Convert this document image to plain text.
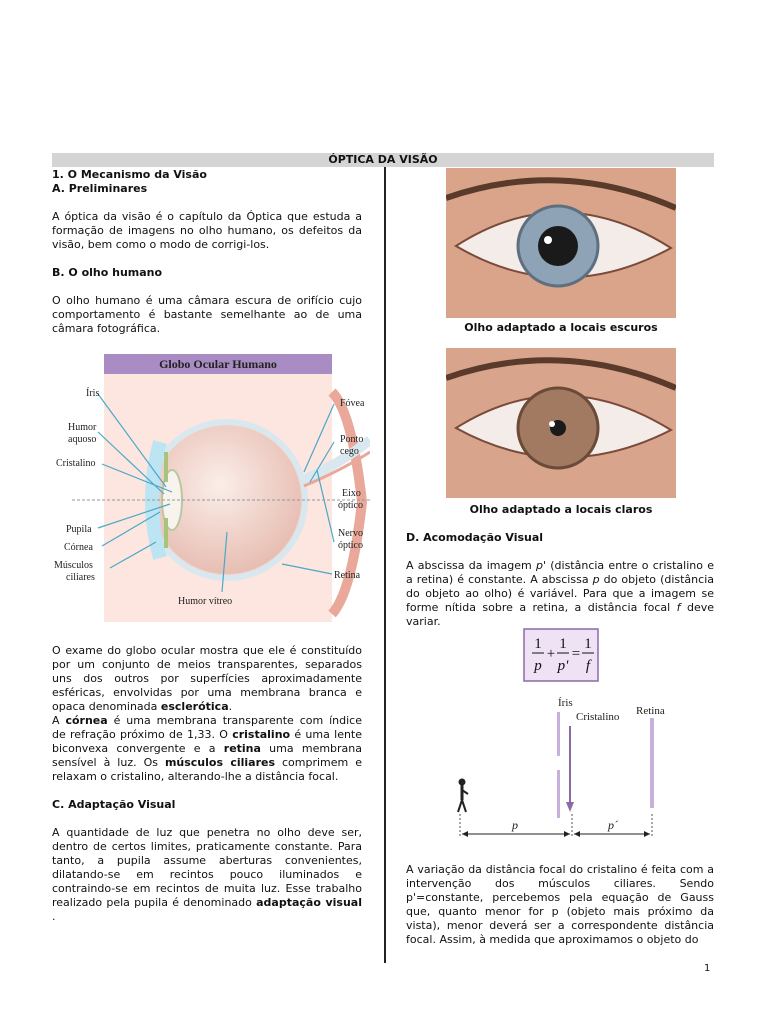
ÓPTICA DA VISÃO
1. O Mecanismo da Visão
A. Preliminares

A óptica da visão é o capítulo da Óptica que estuda a formação de imagens no olho humano, os defeitos da visão, bem como o modo de corrigi-los.

B. O olho humano

O olho humano é uma câmara escura de orifício cujo comportamento é bastante semelhante ao de uma câmara fotográfica.

Globo Ocular Humano
Íris
Humor
aquoso
Cristalino
Pupila
Córnea
Músculos
ciliares
Humor vítreo
Fóvea
Ponto
cego
Eixo
óptico
Nervo
óptico
Retina

O exame do globo ocular mostra que ele é constituído por um conjunto de meios transparentes, separados uns dos outros por superfícies aproximadamente esféricas, envolvidas por uma membrana branca e opaca denominada esclerótica.

A córnea é uma membrana transparente com índice de refração próximo de 1,33. O cristalino é uma lente biconvexa convergente e a retina uma membrana sensível à luz. Os músculos ciliares comprimem e relaxam o cristalino, alterando-lhe a distância focal.

C. Adaptação Visual

A quantidade de luz que penetra no olho deve ser, dentro de certos limites, praticamente constante. Para tanto, a pupila assume aberturas convenientes, dilatando-se em recintos pouco iluminados e contraindo-se em recintos de muita luz. Esse trabalho realizado pela pupila é denominado adaptação visual .

Olho adaptado a locais escuros
Olho adaptado a locais claros
D. Acomodação Visual

A abscissa da imagem p' (distância entre o cristalino e a retina) é constante. A abscissa p do objeto (distância do objeto ao olho) é variável. Para que a imagem se forme nítida sobre a retina, a distância focal f deve variar.

1
p
+
1
p'
=
1
f
Íris
Cristalino Retina
p	p´

A variação da distância focal do cristalino é feita com a intervenção dos músculos ciliares. Sendo p'=constante, percebemos pela equação de Gauss que, quanto menor for p (objeto mais próximo da vista), menor deverá ser a correspondente distância focal. Assim, à medida que aproximamos o objeto do

1
